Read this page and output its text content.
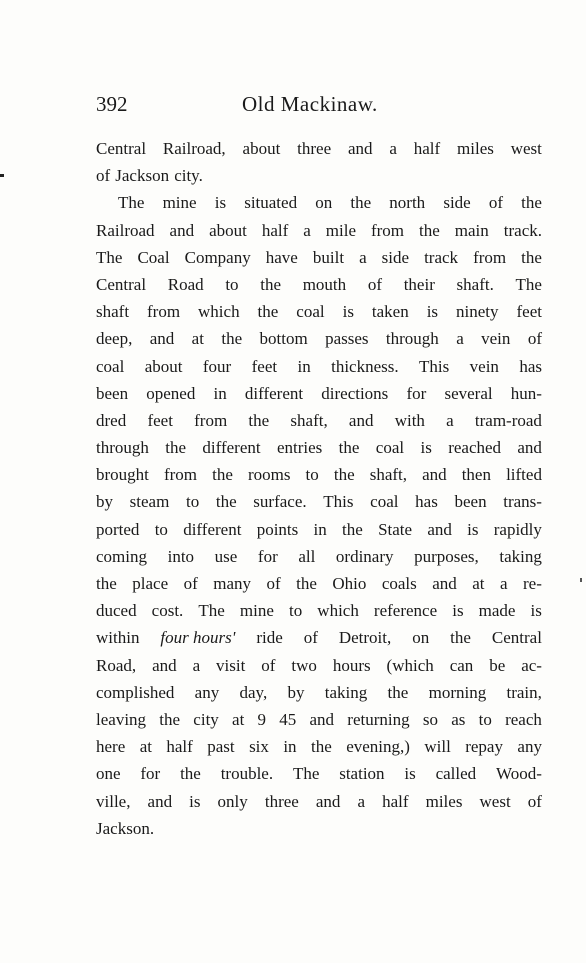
392	Old Mackinaw.
Central Railroad, about three and a half miles west
of Jackson city.
The mine is situated on the north side of the
Railroad and about half a mile from the main track.
The Coal Company have built a side track from the
Central Road to the mouth of their shaft. The
shaft from which the coal is taken is ninety feet
deep, and at the bottom passes through a vein of
coal about four feet in thickness. This vein has
been opened in different directions for several hun-
dred feet from the shaft, and with a tram-road
through the different entries the coal is reached and
brought from the rooms to the shaft, and then lifted
by steam to the surface. This coal has been trans-
ported to different points in the State and is rapidly
coming into use for all ordinary purposes, taking
the place of many of the Ohio coals and at a re-
duced cost. The mine to which reference is made is
within four hours' ride of Detroit, on the Central
Road, and a visit of two hours (which can be ac-
complished any day, by taking the morning train,
leaving the city at 9 45 and returning so as to reach
here at half past six in the evening,) will repay any
one for the trouble. The station is called Wood-
ville, and is only three and a half miles west of
Jackson.
